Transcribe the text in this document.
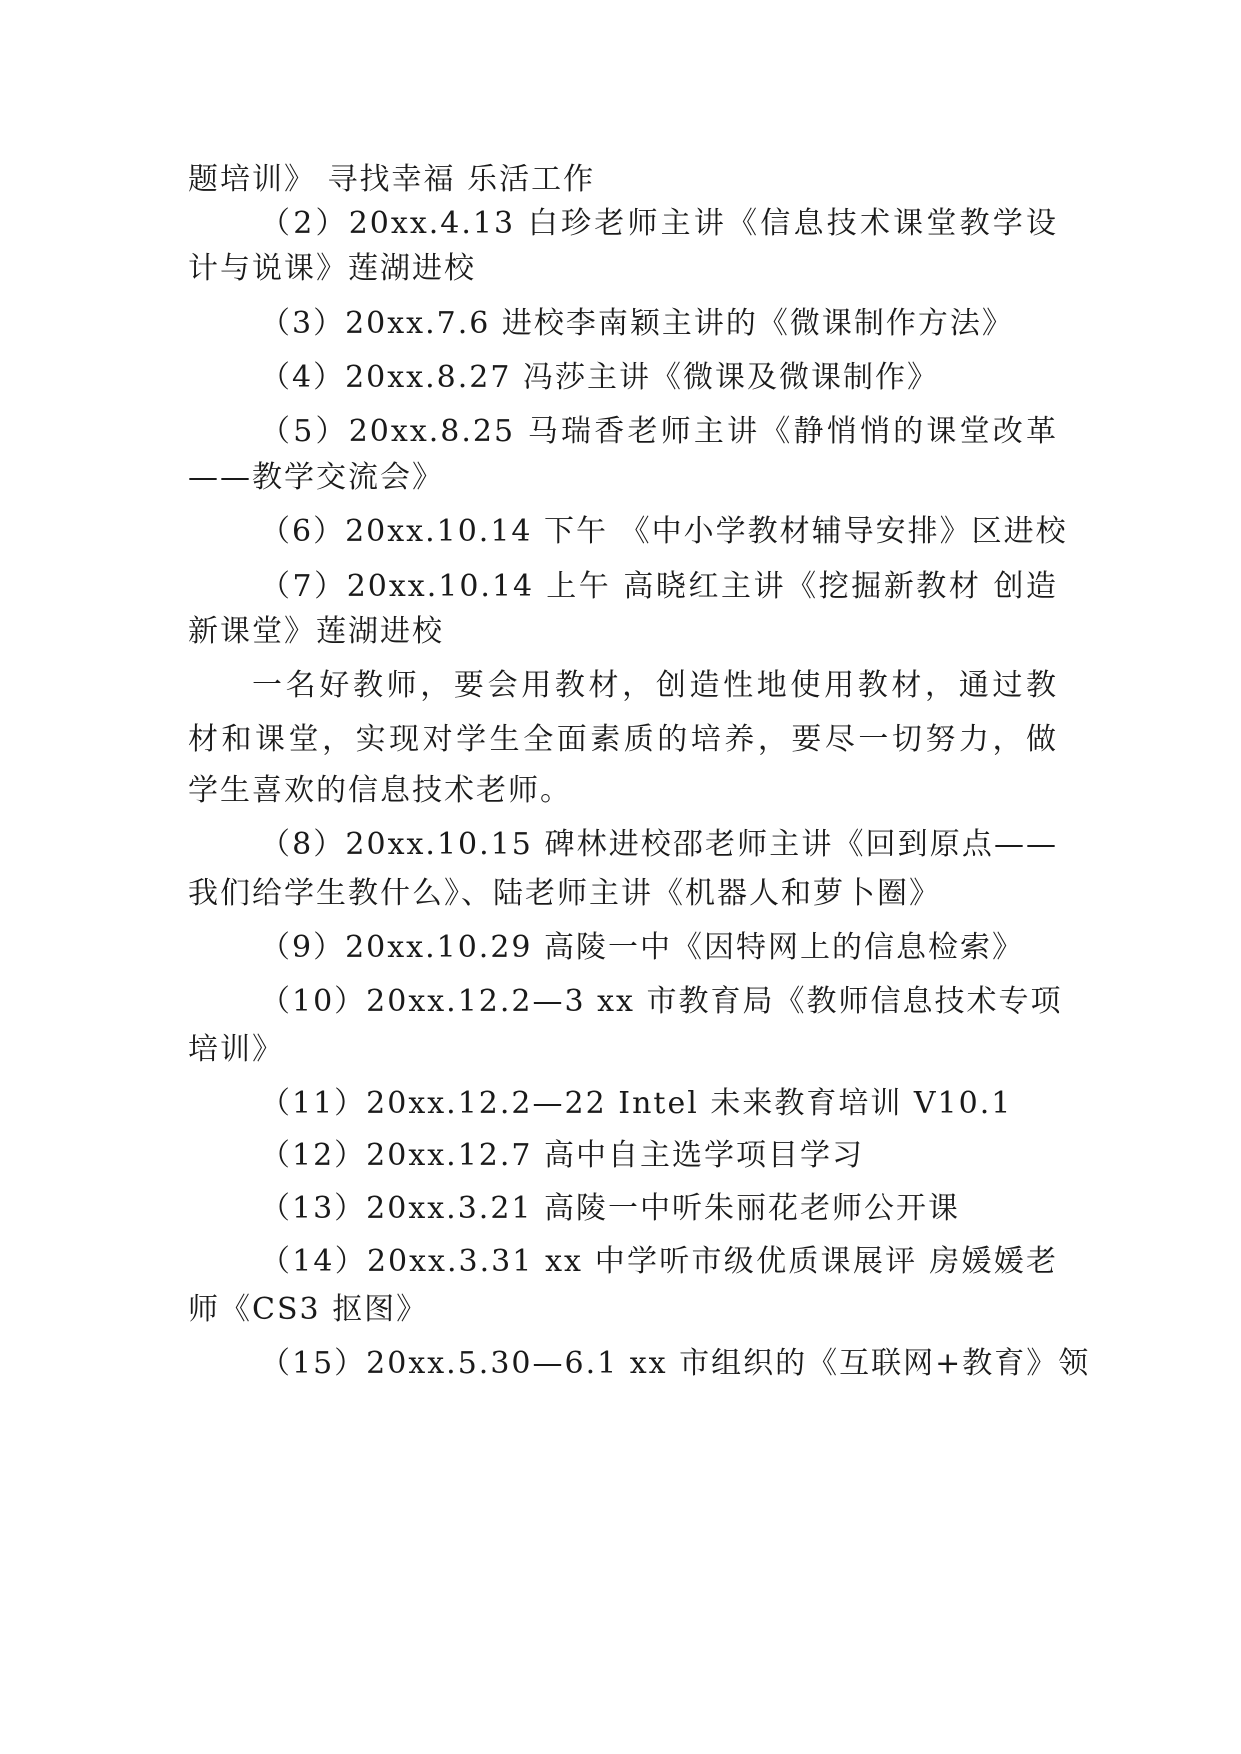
题培训》 寻找幸福 乐活工作
（2）20xx.4.13 白珍老师主讲《信息技术课堂教学设
计与说课》莲湖进校
（3）20xx.7.6 进校李南颖主讲的《微课制作方法》
（4）20xx.8.27 冯莎主讲《微课及微课制作》
（5）20xx.8.25 马瑞香老师主讲《静悄悄的课堂改革
——教学交流会》
（6）20xx.10.14 下午 《中小学教材辅导安排》区进校
（7）20xx.10.14 上午 高晓红主讲《挖掘新教材 创造
新课堂》莲湖进校
一名好教师，要会用教材，创造性地使用教材，通过教
材和课堂，实现对学生全面素质的培养，要尽一切努力，做
学生喜欢的信息技术老师。
（8）20xx.10.15 碑林进校邵老师主讲《回到原点——
我们给学生教什么》、陆老师主讲《机器人和萝卜圈》
（9）20xx.10.29 高陵一中《因特网上的信息检索》
（10）20xx.12.2—3 xx 市教育局《教师信息技术专项
培训》
（11）20xx.12.2—22 Intel 未来教育培训 V10.1
（12）20xx.12.7 高中自主选学项目学习
（13）20xx.3.21 高陵一中听朱丽花老师公开课
（14）20xx.3.31 xx 中学听市级优质课展评 房媛媛老
师《CS3 抠图》
（15）20xx.5.30—6.1 xx 市组织的《互联网+教育》领
